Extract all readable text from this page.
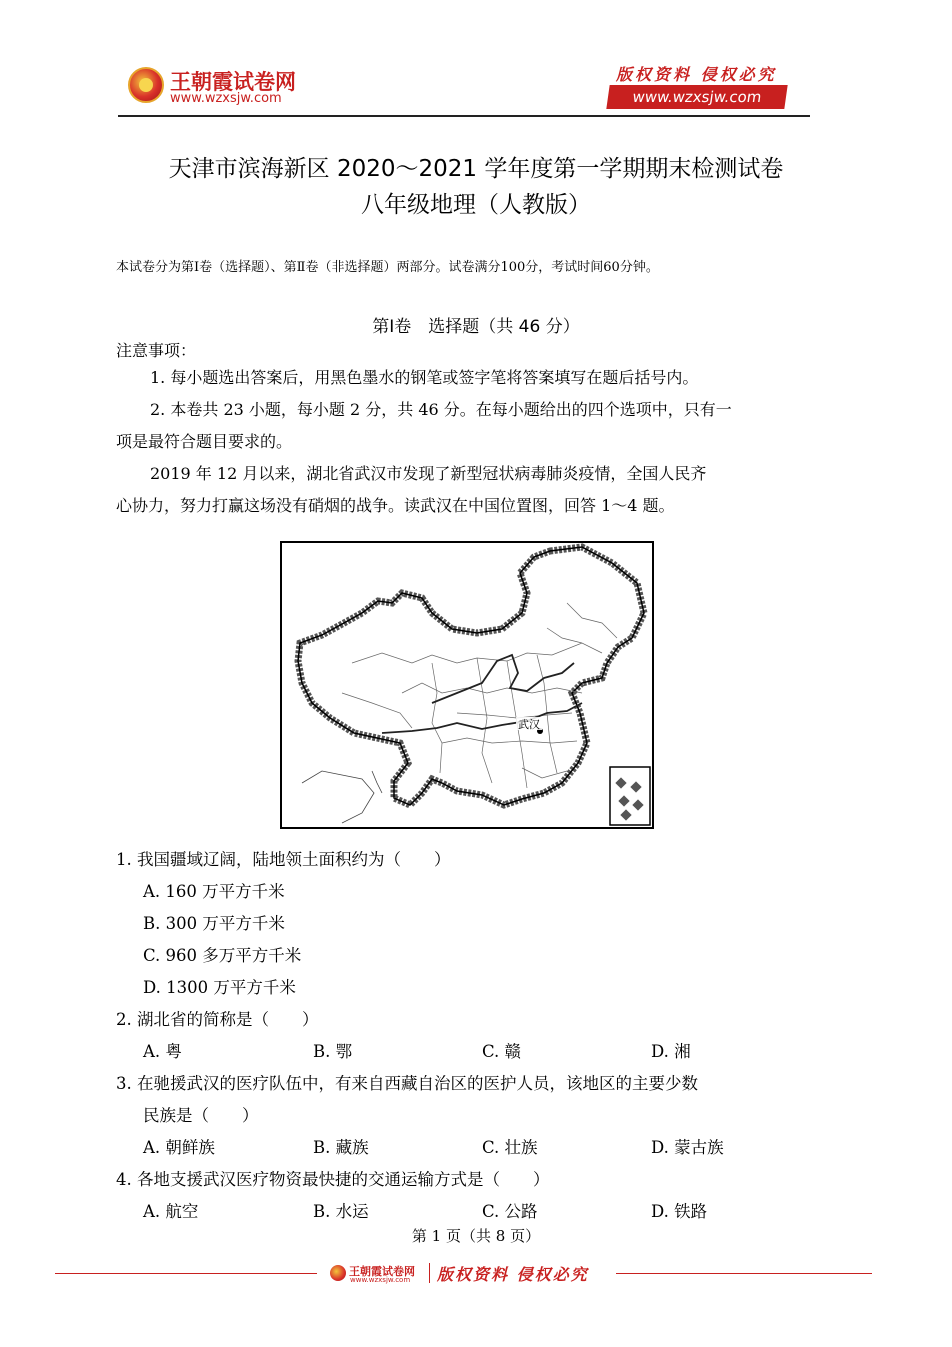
王朝霞试卷网
www.wzxsjw.com
版权资料 侵权必究
www.wzxsjw.com
天津市滨海新区 2020～2021 学年度第一学期期末检测试卷
八年级地理（人教版）
本试卷分为第Ⅰ卷（选择题）、第Ⅱ卷（非选择题）两部分。试卷满分100分，考试时间60分钟。
第Ⅰ卷　选择题（共 46 分）
注意事项：
1. 每小题选出答案后，用黑色墨水的钢笔或签字笔将答案填写在题后括号内。
2. 本卷共 23 小题，每小题 2 分，共 46 分。在每小题给出的四个选项中，只有一
项是最符合题目要求的。
2019 年 12 月以来，湖北省武汉市发现了新型冠状病毒肺炎疫情，全国人民齐
心协力，努力打赢这场没有硝烟的战争。读武汉在中国位置图，回答 1～4 题。
武汉
1. 我国疆域辽阔，陆地领土面积约为（　　）
A. 160 万平方千米
B. 300 万平方千米
C. 960 多万平方千米
D. 1300 万平方千米
2. 湖北省的简称是（　　）
A. 粤	B. 鄂	C. 赣	D. 湘
3. 在驰援武汉的医疗队伍中，有来自西藏自治区的医护人员，该地区的主要少数
民族是（　　）
A. 朝鲜族	B. 藏族	C. 壮族	D. 蒙古族
4. 各地支援武汉医疗物资最快捷的交通运输方式是（　　）
A. 航空	B. 水运	C. 公路	D. 铁路
第 1 页（共 8 页）
王朝霞试卷网
www.wzxsjw.com 版权资料 侵权必究
